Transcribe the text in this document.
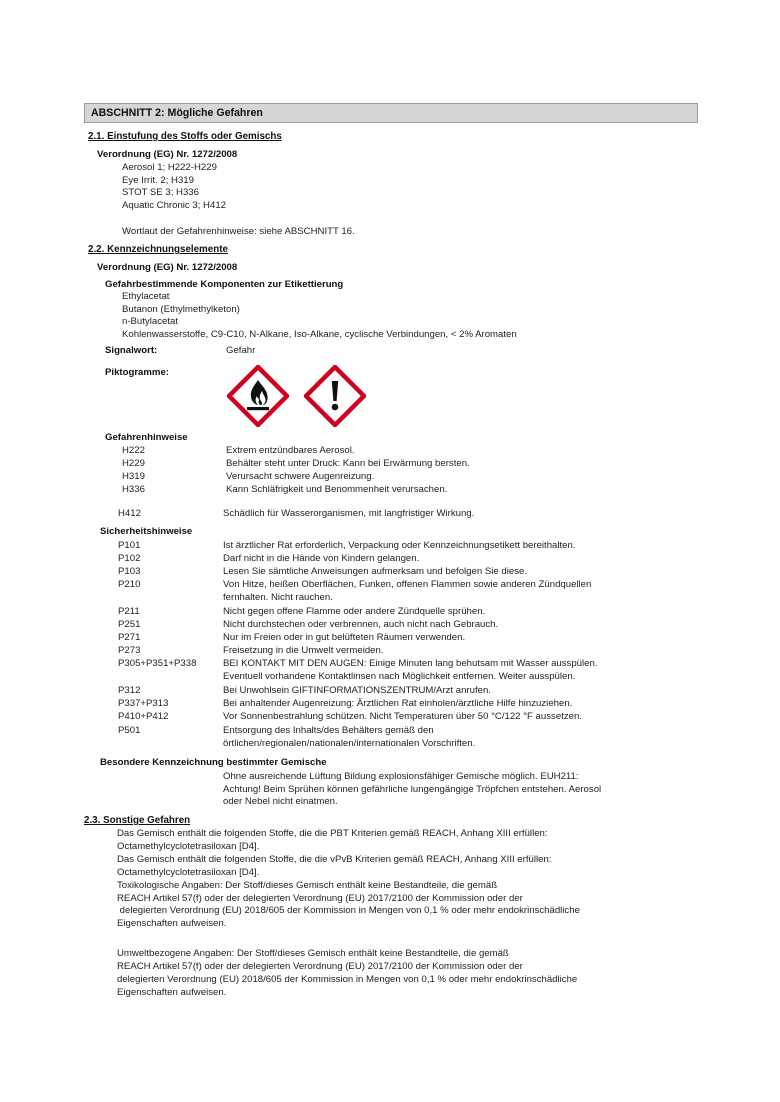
ABSCHNITT 2: Mögliche Gefahren
2.1. Einstufung des Stoffs oder Gemischs
Verordnung (EG) Nr. 1272/2008
Aerosol 1; H222-H229
Eye Irrit. 2; H319
STOT SE 3; H336
Aquatic Chronic 3; H412
Wortlaut der Gefahrenhinweise: siehe ABSCHNITT 16.
2.2. Kennzeichnungselemente
Verordnung (EG) Nr. 1272/2008
Gefahrbestimmende Komponenten zur Etikettierung
Ethylacetat
Butanon (Ethylmethylketon)
n-Butylacetat
Kohlenwasserstoffe, C9-C10, N-Alkane, Iso-Alkane, cyclische Verbindungen, < 2% Aromaten
Signalwort:	Gefahr
Piktogramme:
Gefahrenhinweise
H222	Extrem entzündbares Aerosol.
H229	Behälter steht unter Druck: Kann bei Erwärmung bersten.
H319	Verursacht schwere Augenreizung.
H336	Kann Schläfrigkeit und Benommenheit verursachen.
H412	Schädlich für Wasserorganismen, mit langfristiger Wirkung.
Sicherheitshinweise
P101	Ist ärztlicher Rat erforderlich, Verpackung oder Kennzeichnungsetikett bereithalten.
P102	Darf nicht in die Hände von Kindern gelangen.
P103	Lesen Sie sämtliche Anweisungen aufmerksam und befolgen Sie diese.
P210	Von Hitze, heißen Oberflächen, Funken, offenen Flammen sowie anderen Zündquellen
fernhalten. Nicht rauchen.
P211	Nicht gegen offene Flamme oder andere Zündquelle sprühen.
P251	Nicht durchstechen oder verbrennen, auch nicht nach Gebrauch.
P271	Nur im Freien oder in gut belüfteten Räumen verwenden.
P273	Freisetzung in die Umwelt vermeiden.
P305+P351+P338	BEI KONTAKT MIT DEN AUGEN: Einige Minuten lang behutsam mit Wasser ausspülen.
Eventuell vorhandene Kontaktlinsen nach Möglichkeit entfernen. Weiter ausspülen.
P312	Bei Unwohlsein GIFTINFORMATIONSZENTRUM/Arzt anrufen.
P337+P313	Bei anhaltender Augenreizung: Ärztlichen Rat einholen/ärztliche Hilfe hinzuziehen.
P410+P412	Vor Sonnenbestrahlung schützen. Nicht Temperaturen über 50 °C/122 °F aussetzen.
P501	Entsorgung des Inhalts/des Behälters gemäß den
örtlichen/regionalen/nationalen/internationalen Vorschriften.
Besondere Kennzeichnung bestimmter Gemische
Ohne ausreichende Lüftung Bildung explosionsfähiger Gemische möglich. EUH211:
Achtung! Beim Sprühen können gefährliche lungengängige Tröpfchen entstehen. Aerosol
oder Nebel nicht einatmen.
2.3. Sonstige Gefahren
Das Gemisch enthält die folgenden Stoffe, die die PBT Kriterien gemäß REACH, Anhang XIII erfüllen:
Octamethylcyclotetrasiloxan [D4].
Das Gemisch enthält die folgenden Stoffe, die die vPvB Kriterien gemäß REACH, Anhang XIII erfüllen:
Octamethylcyclotetrasiloxan [D4].
Toxikologische Angaben: Der Stoff/dieses Gemisch enthält keine Bestandteile, die gemäß
REACH Artikel 57(f) oder der delegierten Verordnung (EU) 2017/2100 der Kommission oder der
delegierten Verordnung (EU) 2018/605 der Kommission in Mengen von 0,1 % oder mehr endokrinschädliche
Eigenschaften aufweisen.
Umweltbezogene Angaben: Der Stoff/dieses Gemisch enthält keine Bestandteile, die gemäß
REACH Artikel 57(f) oder der delegierten Verordnung (EU) 2017/2100 der Kommission oder der
delegierten Verordnung (EU) 2018/605 der Kommission in Mengen von 0,1 % oder mehr endokrinschädliche
Eigenschaften aufweisen.
